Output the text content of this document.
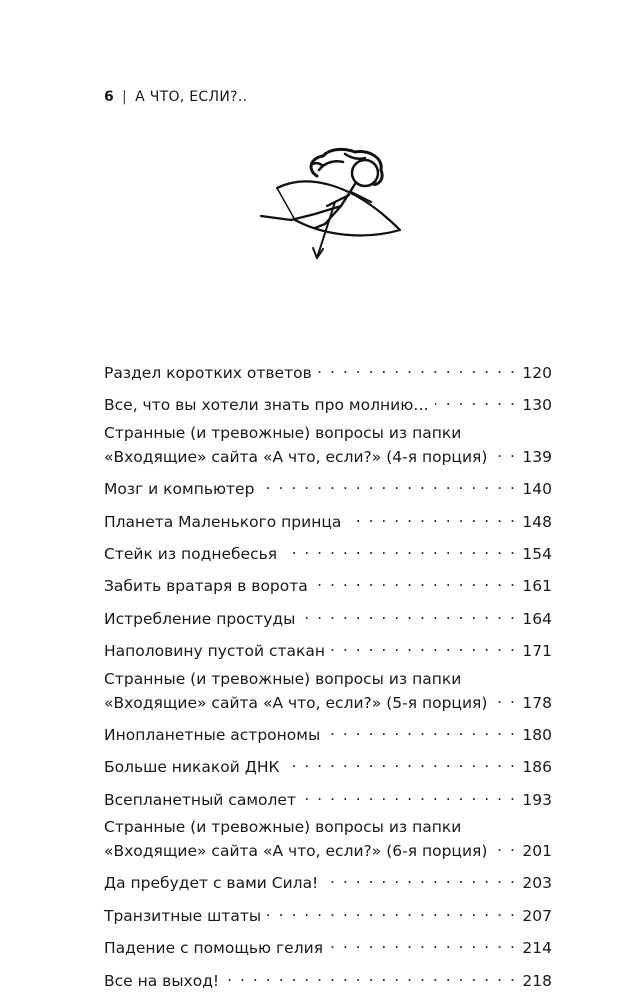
6 | А ЧТО, ЕСЛИ?..
Раздел коротких ответов . . .	120
Все, что вы хотели знать про молнию… . . .	130
Странные (и тревожные) вопросы из папки
«Входящие» сайта «А что, если?» (4-я порция) . . . 139
Мозг и компьютер . . .	140
Планета Маленького принца . . .	148
Стейк из поднебесья . . .	154
Забить вратаря в ворота . . .	161
Истребление простуды . . .	164
Наполовину пустой стакан . . .	171
Странные (и тревожные) вопросы из папки
«Входящие» сайта «А что, если?» (5-я порция) . . . 178
Инопланетные астрономы . . .	180
Больше никакой ДНК . . .	186
Всепланетный самолет . . .	193
Странные (и тревожные) вопросы из папки
«Входящие» сайта «А что, если?» (6-я порция) . . . 201
Да пребудет с вами Сила! . . .	203
Транзитные штаты . . .	207
Падение с помощью гелия . . .	214
Все на выход! . . .	218
